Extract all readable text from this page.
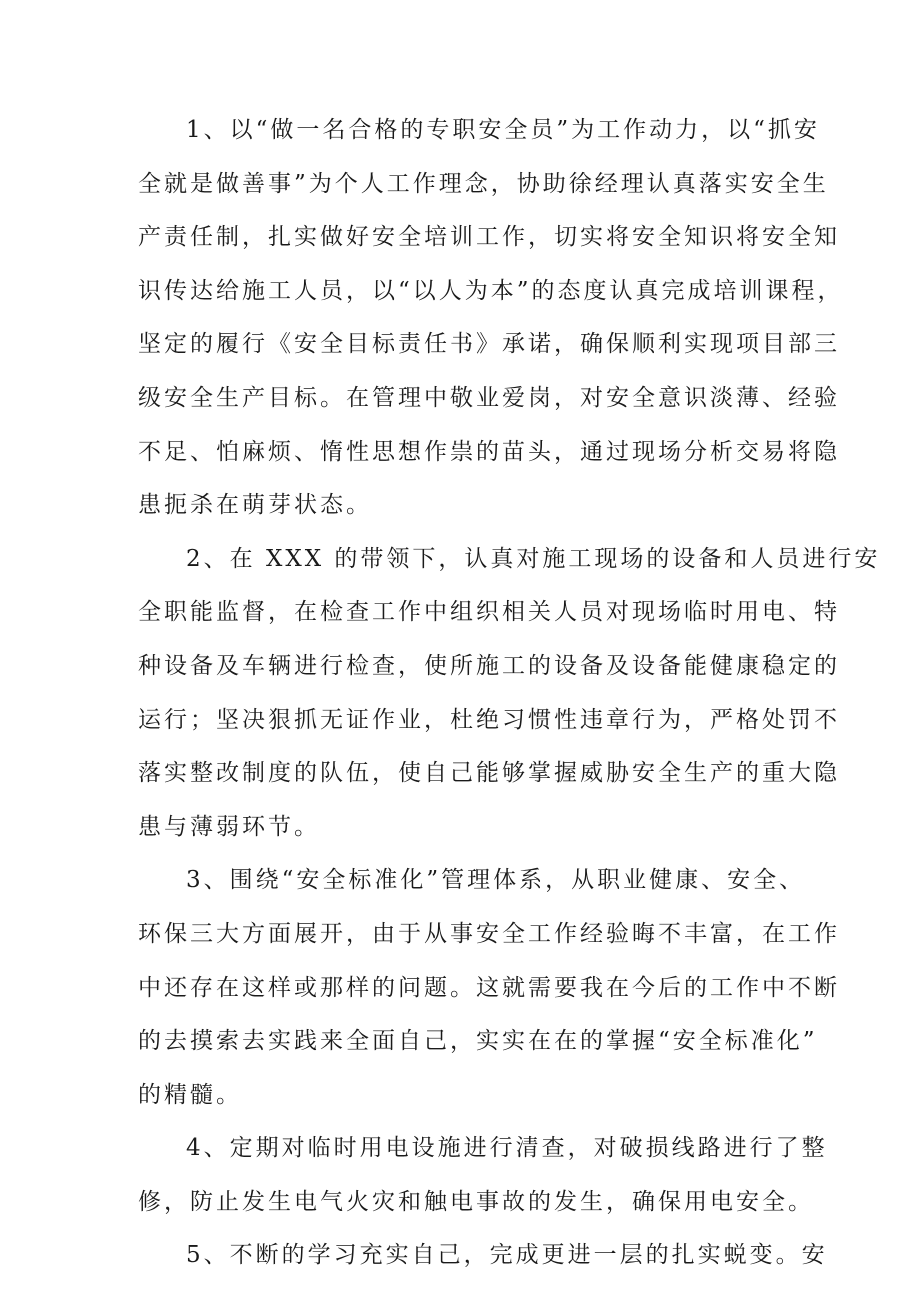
1、以“做一名合格的专职安全员”为工作动力，以“抓安
全就是做善事”为个人工作理念，协助徐经理认真落实安全生
产责任制，扎实做好安全培训工作，切实将安全知识将安全知
识传达给施工人员，以“以人为本”的态度认真完成培训课程，
坚定的履行《安全目标责任书》承诺，确保顺利实现项目部三
级安全生产目标。在管理中敬业爱岗，对安全意识淡薄、经验
不足、怕麻烦、惰性思想作祟的苗头，通过现场分析交易将隐
患扼杀在萌芽状态。
2、在 XXX 的带领下，认真对施工现场的设备和人员进行安
全职能监督，在检查工作中组织相关人员对现场临时用电、特
种设备及车辆进行检查，使所施工的设备及设备能健康稳定的
运行；坚决狠抓无证作业，杜绝习惯性违章行为，严格处罚不
落实整改制度的队伍，使自己能够掌握威胁安全生产的重大隐
患与薄弱环节。
3、围绕“安全标准化”管理体系，从职业健康、安全、
环保三大方面展开，由于从事安全工作经验晦不丰富，在工作
中还存在这样或那样的问题。这就需要我在今后的工作中不断
的去摸索去实践来全面自己，实实在在的掌握“安全标准化”
的精髓。
4、定期对临时用电设施进行清查，对破损线路进行了整
修，防止发生电气火灾和触电事故的发生，确保用电安全。
5、不断的学习充实自己，完成更进一层的扎实蜕变。安
